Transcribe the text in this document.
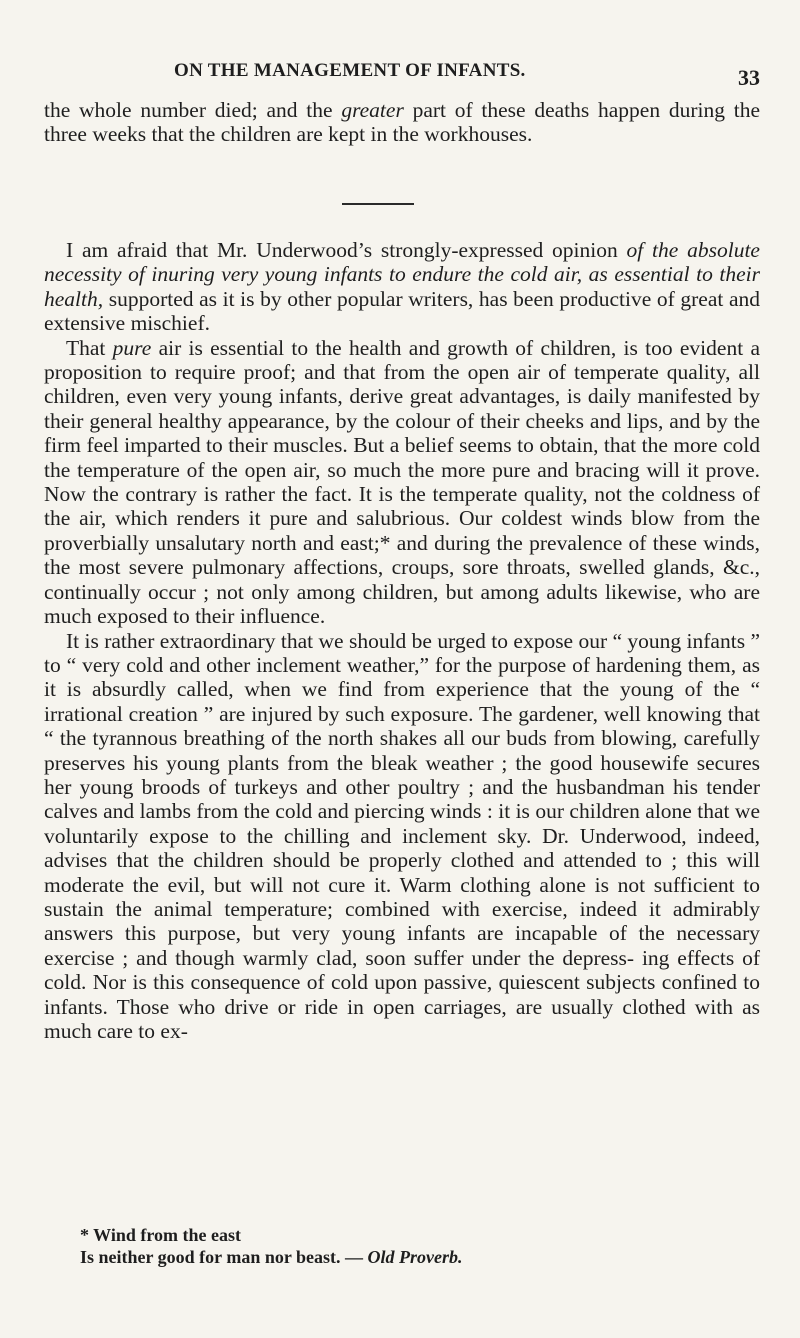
ON THE MANAGEMENT OF INFANTS.	33

the whole number died; and the greater part of these deaths happen during the three weeks that the children are kept in the workhouses.

I am afraid that Mr. Underwood’s strongly-expressed opinion of the absolute necessity of inuring very young infants to endure the cold air, as essential to their health, supported as it is by other popular writers, has been productive of great and extensive mischief.

That pure air is essential to the health and growth of children, is too evident a proposition to require proof; and that from the open air of temperate quality, all children, even very young infants, derive great advantages, is daily manifested by their general healthy appearance, by the colour of their cheeks and lips, and by the firm feel imparted to their muscles. But a belief seems to obtain, that the more cold the temperature of the open air, so much the more pure and bracing will it prove. Now the contrary is rather the fact. It is the temperate quality, not the coldness of the air, which renders it pure and salubrious. Our coldest winds blow from the proverbially unsalutary north and east;* and during the prevalence of these winds, the most severe pulmonary affections, croups, sore throats, swelled glands, &c., continually occur ; not only among children, but among adults likewise, who are much exposed to their influence.

It is rather extraordinary that we should be urged to expose our “ young infants ” to “ very cold and other inclement weather,” for the purpose of hardening them, as it is absurdly called, when we find from experience that the young of the “ irrational creation ” are injured by such exposure. The gardener, well knowing that “ the tyrannous breathing of the north shakes all our buds from blowing, carefully preserves his young plants from the bleak weather ; the good housewife secures her young broods of turkeys and other poultry ; and the husbandman his tender calves and lambs from the cold and piercing winds : it is our children alone that we voluntarily expose to the chilling and inclement sky. Dr. Underwood, indeed, advises that the children should be properly clothed and attended to ; this will moderate the evil, but will not cure it. Warm clothing alone is not sufficient to sustain the animal temperature; combined with exercise, indeed it admirably answers this purpose, but very young infants are incapable of the necessary exercise ; and though warmly clad, soon suffer under the depress- ing effects of cold. Nor is this consequence of cold upon passive, quiescent subjects confined to infants. Those who drive or ride in open carriages, are usually clothed with as much care to ex-

* Wind from the east
Is neither good for man nor beast. — Old Proverb.
